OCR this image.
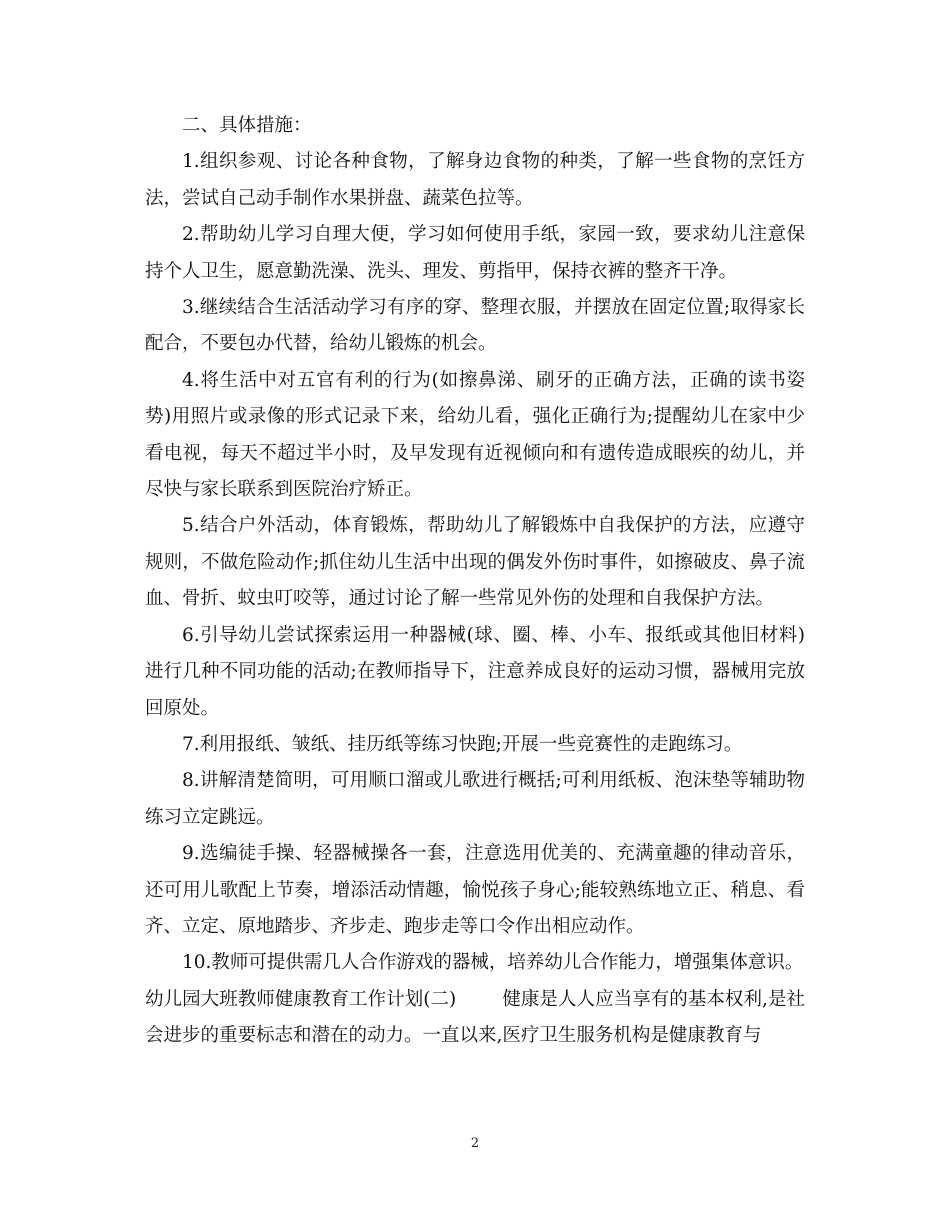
二、具体措施：

1.组织参观、讨论各种食物，了解身边食物的种类，了解一些食物的烹饪方法，尝试自己动手制作水果拼盘、蔬菜色拉等。

2.帮助幼儿学习自理大便，学习如何使用手纸，家园一致，要求幼儿注意保持个人卫生，愿意勤洗澡、洗头、理发、剪指甲，保持衣裤的整齐干净。

3.继续结合生活活动学习有序的穿、整理衣服，并摆放在固定位置;取得家长配合，不要包办代替，给幼儿锻炼的机会。

4.将生活中对五官有利的行为(如擦鼻涕、刷牙的正确方法，正确的读书姿势)用照片或录像的形式记录下来，给幼儿看，强化正确行为;提醒幼儿在家中少看电视，每天不超过半小时，及早发现有近视倾向和有遗传造成眼疾的幼儿，并尽快与家长联系到医院治疗矫正。

5.结合户外活动，体育锻炼，帮助幼儿了解锻炼中自我保护的方法，应遵守规则，不做危险动作;抓住幼儿生活中出现的偶发外伤时事件，如擦破皮、鼻子流血、骨折、蚊虫叮咬等，通过讨论了解一些常见外伤的处理和自我保护方法。

6.引导幼儿尝试探索运用一种器械(球、圈、棒、小车、报纸或其他旧材料)进行几种不同功能的活动;在教师指导下，注意养成良好的运动习惯，器械用完放回原处。

7.利用报纸、皱纸、挂历纸等练习快跑;开展一些竞赛性的走跑练习。

8.讲解清楚简明，可用顺口溜或儿歌进行概括;可利用纸板、泡沫垫等辅助物练习立定跳远。

9.选编徒手操、轻器械操各一套，注意选用优美的、充满童趣的律动音乐，还可用儿歌配上节奏，增添活动情趣，愉悦孩子身心;能较熟练地立正、稍息、看齐、立定、原地踏步、齐步走、跑步走等口令作出相应动作。

10.教师可提供需几人合作游戏的器械，培养幼儿合作能力，增强集体意识。

幼儿园大班教师健康教育工作计划(二) 健康是人人应当享有的基本权利,是社会进步的重要标志和潜在的动力。一直以来,医疗卫生服务机构是健康教育与

2
